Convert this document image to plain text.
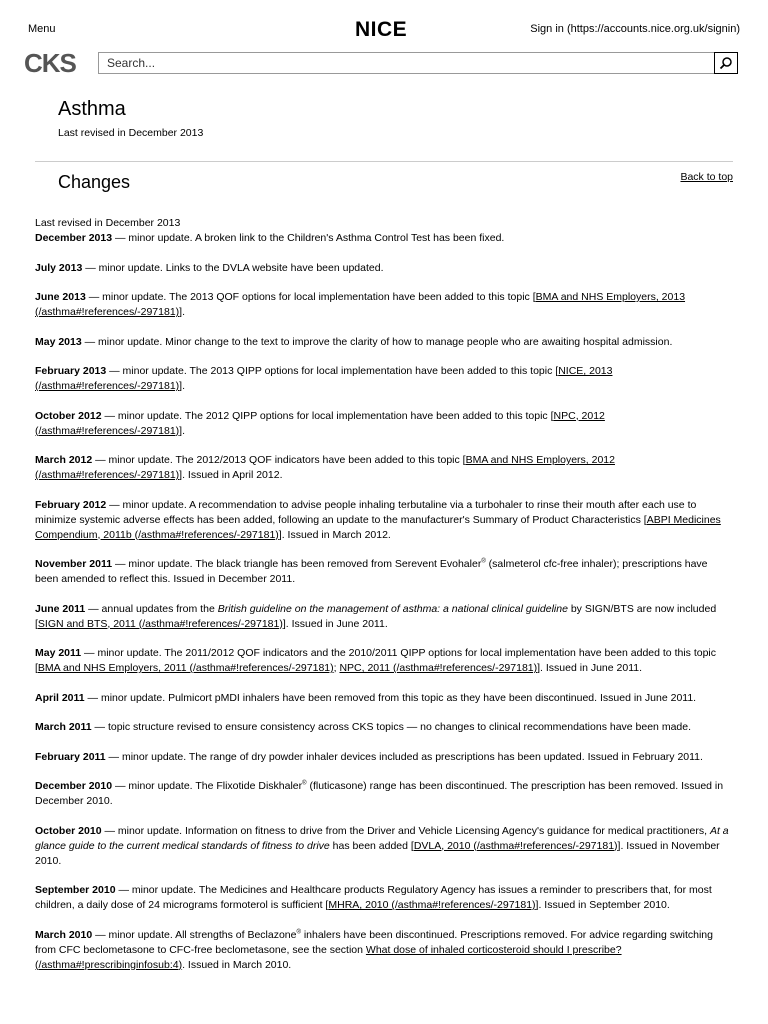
Menu	NICE	Sign in (https://accounts.nice.org.uk/signin)
CKS
Search...
Asthma
Last revised in December 2013
Changes	Back to top
Last revised in December 2013

December 2013 — minor update. A broken link to the Children's Asthma Control Test has been fixed.

July 2013 — minor update. Links to the DVLA website have been updated.

June 2013 — minor update. The 2013 QOF options for local implementation have been added to this topic [BMA and NHS Employers, 2013 (/asthma#!references/-297181)].

May 2013 — minor update. Minor change to the text to improve the clarity of how to manage people who are awaiting hospital admission.

February 2013 — minor update. The 2013 QIPP options for local implementation have been added to this topic [NICE, 2013 (/asthma#!references/-297181)].

October 2012 — minor update. The 2012 QIPP options for local implementation have been added to this topic [NPC, 2012 (/asthma#!references/-297181)].

March 2012 — minor update. The 2012/2013 QOF indicators have been added to this topic [BMA and NHS Employers, 2012 (/asthma#!references/-297181)]. Issued in April 2012.

February 2012 — minor update. A recommendation to advise people inhaling terbutaline via a turbohaler to rinse their mouth after each use to minimize systemic adverse effects has been added, following an update to the manufacturer's Summary of Product Characteristics [ABPI Medicines Compendium, 2011b (/asthma#!references/-297181)]. Issued in March 2012.

November 2011 — minor update. The black triangle has been removed from Serevent Evohaler® (salmeterol cfc-free inhaler); prescriptions have been amended to reflect this. Issued in December 2011.

June 2011 — annual updates from the British guideline on the management of asthma: a national clinical guideline by SIGN/BTS are now included [SIGN and BTS, 2011 (/asthma#!references/-297181)]. Issued in June 2011.

May 2011 — minor update. The 2011/2012 QOF indicators and the 2010/2011 QIPP options for local implementation have been added to this topic [BMA and NHS Employers, 2011 (/asthma#!references/-297181); NPC, 2011 (/asthma#!references/-297181)]. Issued in June 2011.

April 2011 — minor update. Pulmicort pMDI inhalers have been removed from this topic as they have been discontinued. Issued in June 2011.

March 2011 — topic structure revised to ensure consistency across CKS topics — no changes to clinical recommendations have been made.

February 2011 — minor update. The range of dry powder inhaler devices included as prescriptions has been updated. Issued in February 2011.

December 2010 — minor update. The Flixotide Diskhaler® (fluticasone) range has been discontinued. The prescription has been removed. Issued in December 2010.

October 2010 — minor update. Information on fitness to drive from the Driver and Vehicle Licensing Agency's guidance for medical practitioners, At a glance guide to the current medical standards of fitness to drive has been added [DVLA, 2010 (/asthma#!references/-297181)]. Issued in November 2010.

September 2010 — minor update. The Medicines and Healthcare products Regulatory Agency has issues a reminder to prescribers that, for most children, a daily dose of 24 micrograms formoterol is sufficient [MHRA, 2010 (/asthma#!references/-297181)]. Issued in September 2010.

March 2010 — minor update. All strengths of Beclazone® inhalers have been discontinued. Prescriptions removed. For advice regarding switching from CFC beclometasone to CFC-free beclometasone, see the section What dose of inhaled corticosteroid should I prescribe? (/asthma#!prescribinginfosub:4). Issued in March 2010.
